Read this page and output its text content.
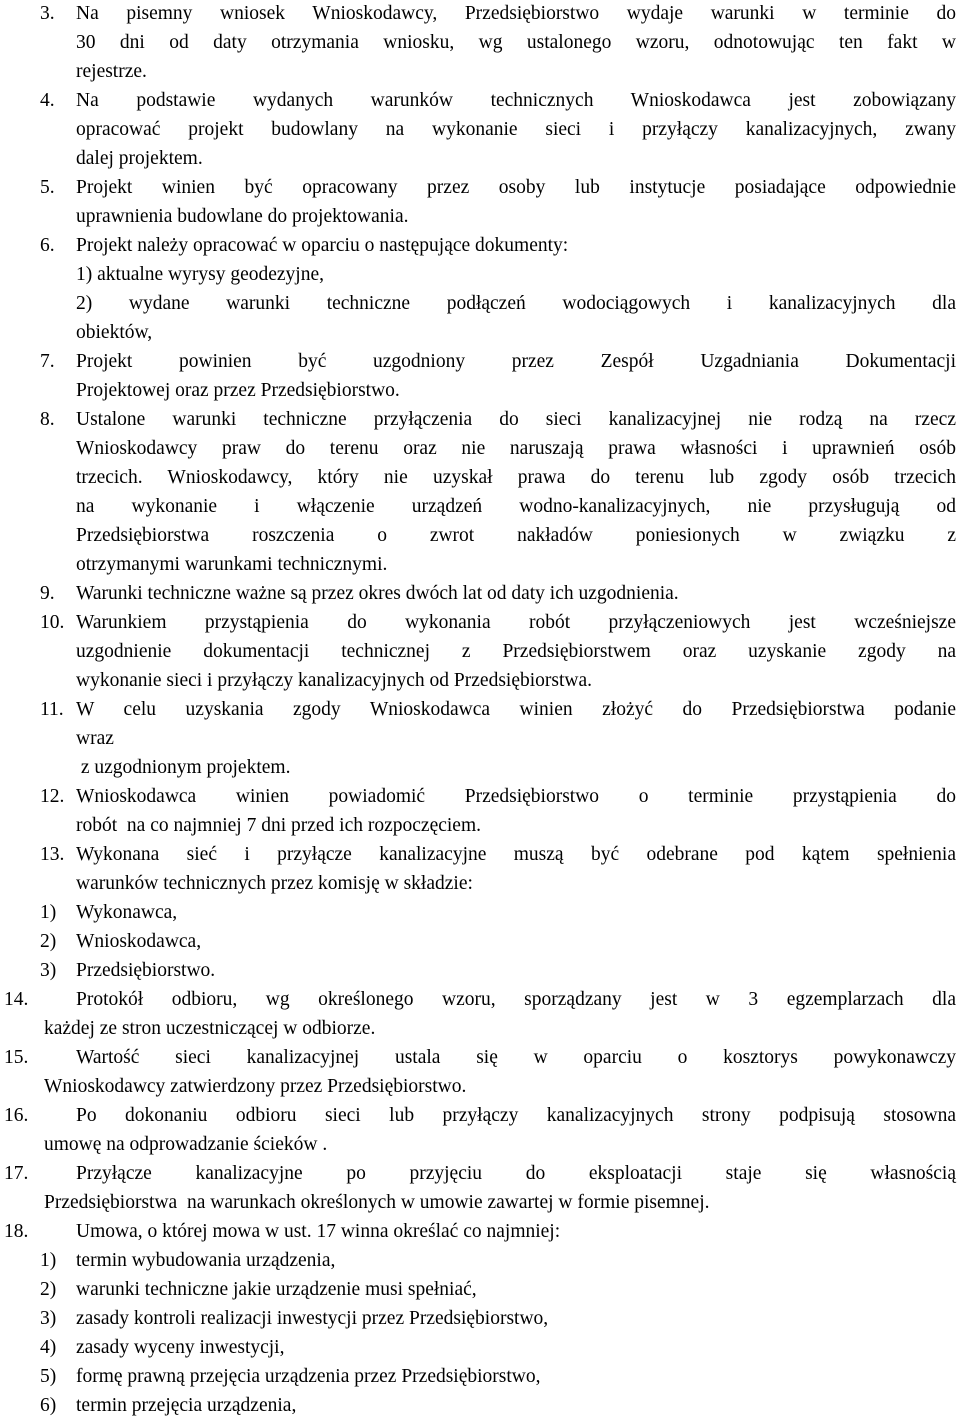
3. Na pisemny wniosek Wnioskodawcy, Przedsiębiorstwo wydaje warunki w terminie do
30 dni od daty otrzymania wniosku, wg ustalonego wzoru, odnotowując ten fakt w
rejestrze.
4. Na podstawie wydanych warunków technicznych Wnioskodawca jest zobowiązany
opracować projekt budowlany na wykonanie sieci i przyłączy kanalizacyjnych, zwany
dalej projektem.
5. Projekt winien być opracowany przez osoby lub instytucje posiadające odpowiednie
uprawnienia budowlane do projektowania.
6. Projekt należy opracować w oparciu o następujące dokumenty:
1) aktualne wyrysy geodezyjne,
2) wydane warunki techniczne podłączeń wodociągowych i kanalizacyjnych dla
obiektów,
7. Projekt powinien być uzgodniony przez Zespół Uzgadniania Dokumentacji
Projektowej oraz przez Przedsiębiorstwo.
8. Ustalone warunki techniczne przyłączenia do sieci kanalizacyjnej nie rodzą na rzecz
Wnioskodawcy praw do terenu oraz nie naruszają prawa własności i uprawnień osób
trzecich. Wnioskodawcy, który nie uzyskał prawa do terenu lub zgody osób trzecich
na wykonanie i włączenie urządzeń wodno-kanalizacyjnych, nie przysługują od
Przedsiębiorstwa roszczenia o zwrot nakładów poniesionych w związku z
otrzymanymi warunkami technicznymi.
9. Warunki techniczne ważne są przez okres dwóch lat od daty ich uzgodnienia.
10. Warunkiem przystąpienia do wykonania robót przyłączeniowych jest wcześniejsze
uzgodnienie dokumentacji technicznej z Przedsiębiorstwem oraz uzyskanie zgody na
wykonanie sieci i przyłączy kanalizacyjnych od Przedsiębiorstwa.
11. W celu uzyskania zgody Wnioskodawca winien złożyć do Przedsiębiorstwa podanie
wraz
z uzgodnionym projektem.
12. Wnioskodawca winien powiadomić Przedsiębiorstwo o terminie przystąpienia do
robót  na co najmniej 7 dni przed ich rozpoczęciem.
13. Wykonana sieć i przyłącze kanalizacyjne muszą być odebrane pod kątem spełnienia
warunków technicznych przez komisję w składzie:
1) Wykonawca,
2) Wnioskodawca,
3) Przedsiębiorstwo.
14. Protokół odbioru, wg określonego wzoru, sporządzany jest w 3 egzemplarzach dla
każdej ze stron uczestniczącej w odbiorze.
15. Wartość sieci kanalizacyjnej ustala się w oparciu o kosztorys powykonawczy
Wnioskodawcy zatwierdzony przez Przedsiębiorstwo.
16. Po dokonaniu odbioru sieci lub przyłączy kanalizacyjnych strony podpisują stosowna
umowę na odprowadzanie ścieków .
17. Przyłącze kanalizacyjne po przyjęciu do eksploatacji staje się własnością
Przedsiębiorstwa  na warunkach określonych w umowie zawartej w formie pisemnej.
18. Umowa, o której mowa w ust. 17 winna określać co najmniej:
1) termin wybudowania urządzenia,
2) warunki techniczne jakie urządzenie musi spełniać,
3) zasady kontroli realizacji inwestycji przez Przedsiębiorstwo,
4) zasady wyceny inwestycji,
5) formę prawną przejęcia urządzenia przez Przedsiębiorstwo,
6) termin przejęcia urządzenia,
